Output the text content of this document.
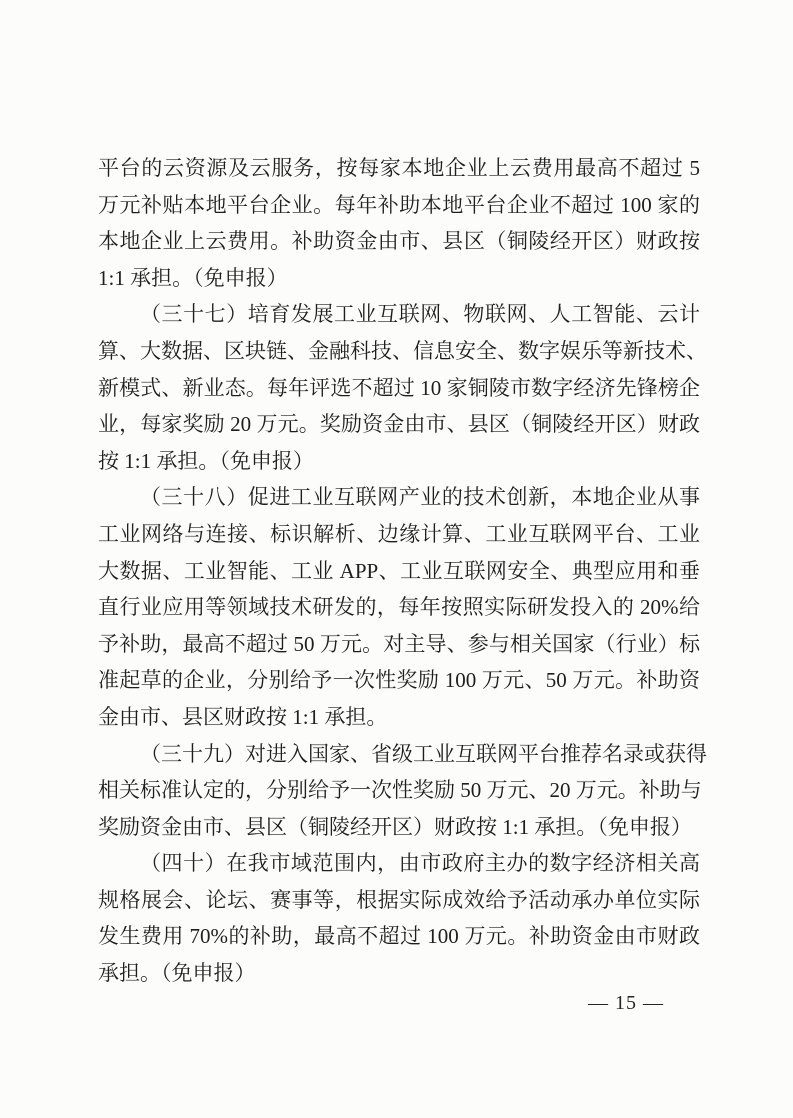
平台的云资源及云服务，按每家本地企业上云费用最高不超过 5
万元补贴本地平台企业。每年补助本地平台企业不超过 100 家的
本地企业上云费用。补助资金由市、县区（铜陵经开区）财政按
1:1 承担。（免申报）
（三十七）培育发展工业互联网、物联网、人工智能、云计
算、大数据、区块链、金融科技、信息安全、数字娱乐等新技术、
新模式、新业态。每年评选不超过 10 家铜陵市数字经济先锋榜企
业，每家奖励 20 万元。奖励资金由市、县区（铜陵经开区）财政
按 1:1 承担。（免申报）
（三十八）促进工业互联网产业的技术创新，本地企业从事
工业网络与连接、标识解析、边缘计算、工业互联网平台、工业
大数据、工业智能、工业 APP、工业互联网安全、典型应用和垂
直行业应用等领域技术研发的，每年按照实际研发投入的 20%给
予补助，最高不超过 50 万元。对主导、参与相关国家（行业）标
准起草的企业，分别给予一次性奖励 100 万元、50 万元。补助资
金由市、县区财政按 1:1 承担。
（三十九）对进入国家、省级工业互联网平台推荐名录或获得
相关标准认定的，分别给予一次性奖励 50 万元、20 万元。补助与
奖励资金由市、县区（铜陵经开区）财政按 1:1 承担。（免申报）
（四十）在我市域范围内，由市政府主办的数字经济相关高
规格展会、论坛、赛事等，根据实际成效给予活动承办单位实际
发生费用 70%的补助，最高不超过 100 万元。补助资金由市财政
承担。（免申报）
— 15 —
